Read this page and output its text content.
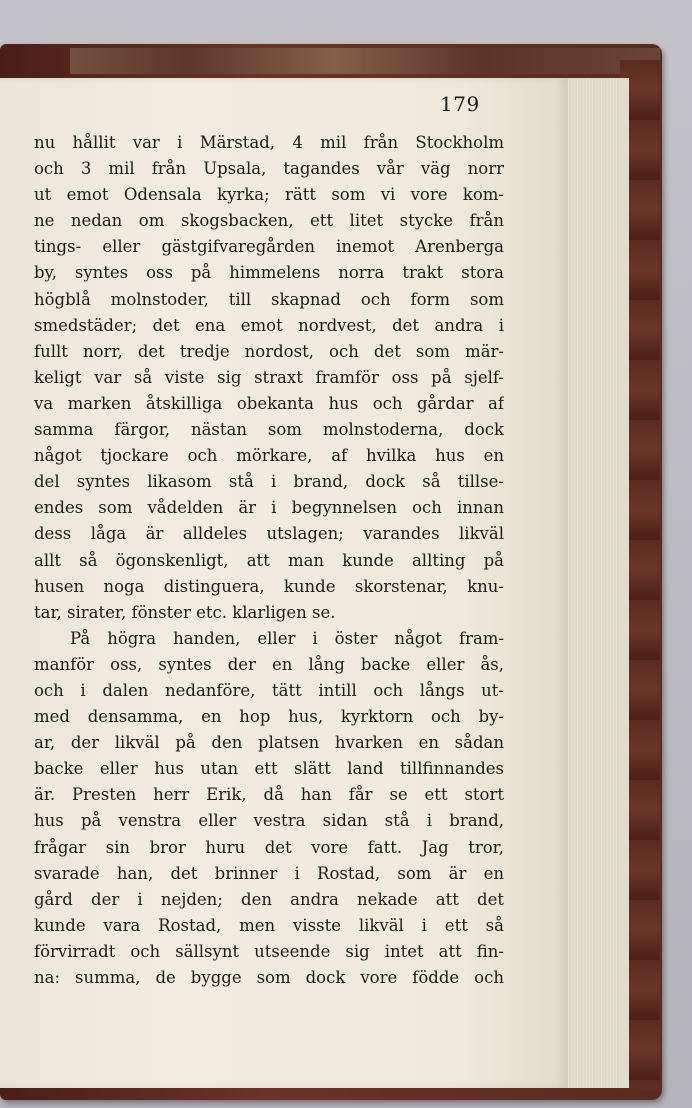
179
nu hållit var i Märstad, 4 mil från Stockholm
och 3 mil från Upsala, tagandes vår väg norr
ut emot Odensala kyrka; rätt som vi vore kom-
ne nedan om skogsbacken, ett litet stycke från
tings- eller gästgifvaregården inemot Arenberga
by, syntes oss på himmelens norra trakt stora
högblå molnstoder, till skapnad och form som
smedstäder; det ena emot nordvest, det andra i
fullt norr, det tredje nordost, och det som mär-
keligt var så viste sig straxt framför oss på sjelf-
va marken åtskilliga obekanta hus och gårdar af
samma färgor, nästan som molnstoderna, dock
något tjockare och mörkare, af hvilka hus en
del syntes likasom stå i brand, dock så tillse-
endes som vådelden är i begynnelsen och innan
dess låga är alldeles utslagen; varandes likväl
allt så ögonskenligt, att man kunde allting på
husen noga distinguera, kunde skorstenar, knu-
tar, sirater, fönster etc. klarligen se.
På högra handen, eller i öster något fram-
manför oss, syntes der en lång backe eller ås,
och i dalen nedanföre, tätt intill och långs ut-
med densamma, en hop hus, kyrktorn och by-
ar, der likväl på den platsen hvarken en sådan
backe eller hus utan ett slätt land tillfinnandes
är. Presten herr Erik, då han får se ett stort
hus på venstra eller vestra sidan stå i brand,
frågar sin bror huru det vore fatt. Jag tror,
svarade han, det brinner i Rostad, som är en
gård der i nejden; den andra nekade att det
kunde vara Rostad, men visste likväl i ett så
förvirradt och sällsynt utseende sig intet att fin-
na: summa, de bygge som dock vore födde och
